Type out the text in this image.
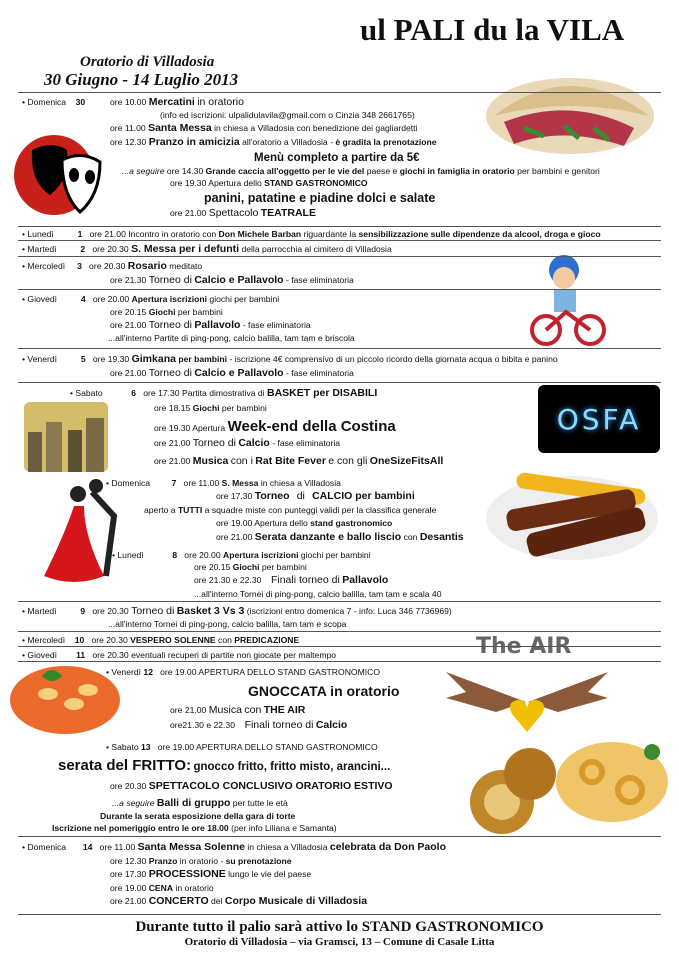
ul PALI du la VILA
Oratorio di Villadosia
30 Giugno - 14 Luglio 2013
OSFA
The AIR
• Domenica 30	ore 10.00 Mercatini in oratorio
(info ed iscrizioni: ulpalidulavila@gmail.com o Cinzia 348 2661765)
ore 11.00 Santa Messa in chiesa a Villadosia con benedizione dei gagliardetti
ore 12.30 Pranzo in amicizia all'oratorio a Villadosia - è gradita la prenotazione
Menù completo a partire da 5€
...a seguire ore 14.30 Grande caccia all'oggetto per le vie del paese e giochi in famiglia in oratorio per bambini e genitori
ore 19.30 Apertura dello STAND GASTRONOMICO
panini, patatine e piadine dolci e salate
ore 21.00 Spettacolo TEATRALE
• Lunedì	1 ore 21.00 Incontro in oratorio con Don Michele Barban riguardante la sensibilizzazione sulle dipendenze da alcool, droga e gioco
• Martedì	2 ore 20.30 S. Messa per i defunti della parrocchia al cimitero di Villadosia
• Mercoledì 3 ore 20.30 Rosario meditato
ore 21.30 Torneo di Calcio e Pallavolo - fase eliminatoria
• Giovedì	4 ore 20.00 Apertura iscrizioni giochi per bambini
ore 20.15 Giochi per bambini
ore 21.00 Torneo di Pallavolo - fase eliminatoria
...all'interno Partite di ping-pong, calcio balilla, tam tam e briscola
• Venerdì	5 ore 19.30 Gimkana per bambini - iscrizione 4€ comprensivo di un piccolo ricordo della giornata acqua o bibita e panino
ore 21.00 Torneo di Calcio e Pallavolo - fase eliminatoria
• Sabato	6 ore 17.30 Partita dimostrativa di BASKET per DISABILI
ore 18.15 Giochi per bambini
ore 19.30 Apertura Week-end della Costina
ore 21.00 Torneo di Calcio - fase eliminatoria
ore 21.00 Musica con i Rat Bite Fever e con gli OneSizeFitsAll
• Domenica	7 ore 11.00 S. Messa in chiesa a Villadosia
ore 17.30 Torneo di CALCIO per bambini
aperto a TUTTI a squadre miste con punteggi validi per la classifica generale
ore 19.00 Apertura dello stand gastronomico
ore 21.00 Serata danzante e ballo liscio con Desantis
• Lunedì	8 ore 20.00 Apertura iscrizioni giochi per bambini
ore 20.15 Giochi per bambini
ore 21.30 e 22.30 Finali torneo di Pallavolo
...all'interno Tornei di ping-pong, calcio balilla, tam tam e scala 40
• Martedì	9 ore 20.30 Torneo di Basket 3 Vs 3 (iscrizioni entro domenica 7 - info: Luca 346 7736969)
...all'interno Tornei di ping-pong, calcio balilla, tam tam e scopa
• Mercoledì 10 ore 20.30 VESPERO SOLENNE con PREDICAZIONE
• Giovedì 11 ore 20.30 eventuali recuperi di partite non giocate per maltempo
• Venerdì 12 ore 19.00 APERTURA DELLO STAND GASTRONOMICO
GNOCCATA in oratorio
ore 21.00 Musica con THE AIR
ore21.30 e 22.30 Finali torneo di Calcio
• Sabato 13 ore 19.00 APERTURA DELLO STAND GASTRONOMICO
serata del FRITTO: gnocco fritto, fritto misto, arancini...
ore 20.30 SPETTACOLO CONCLUSIVO ORATORIO ESTIVO
...a seguire Balli di gruppo per tutte le età
Durante la serata esposizione della gara di torte
Iscrizione nel pomeriggio entro le ore 18.00 (per info Liliana e Samanta)
• Domenica 14 ore 11.00 Santa Messa Solenne in chiesa a Villadosia celebrata da Don Paolo
ore 12.30 Pranzo in oratorio - su prenotazione
ore 17.30 PROCESSIONE lungo le vie del paese
ore 19.00 CENA in oratorio
ore 21.00 CONCERTO del Corpo Musicale di Villadosia
Durante tutto il palio sarà attivo lo STAND GASTRONOMICO
Oratorio di Villadosia – via Gramsci, 13 – Comune di Casale Litta
